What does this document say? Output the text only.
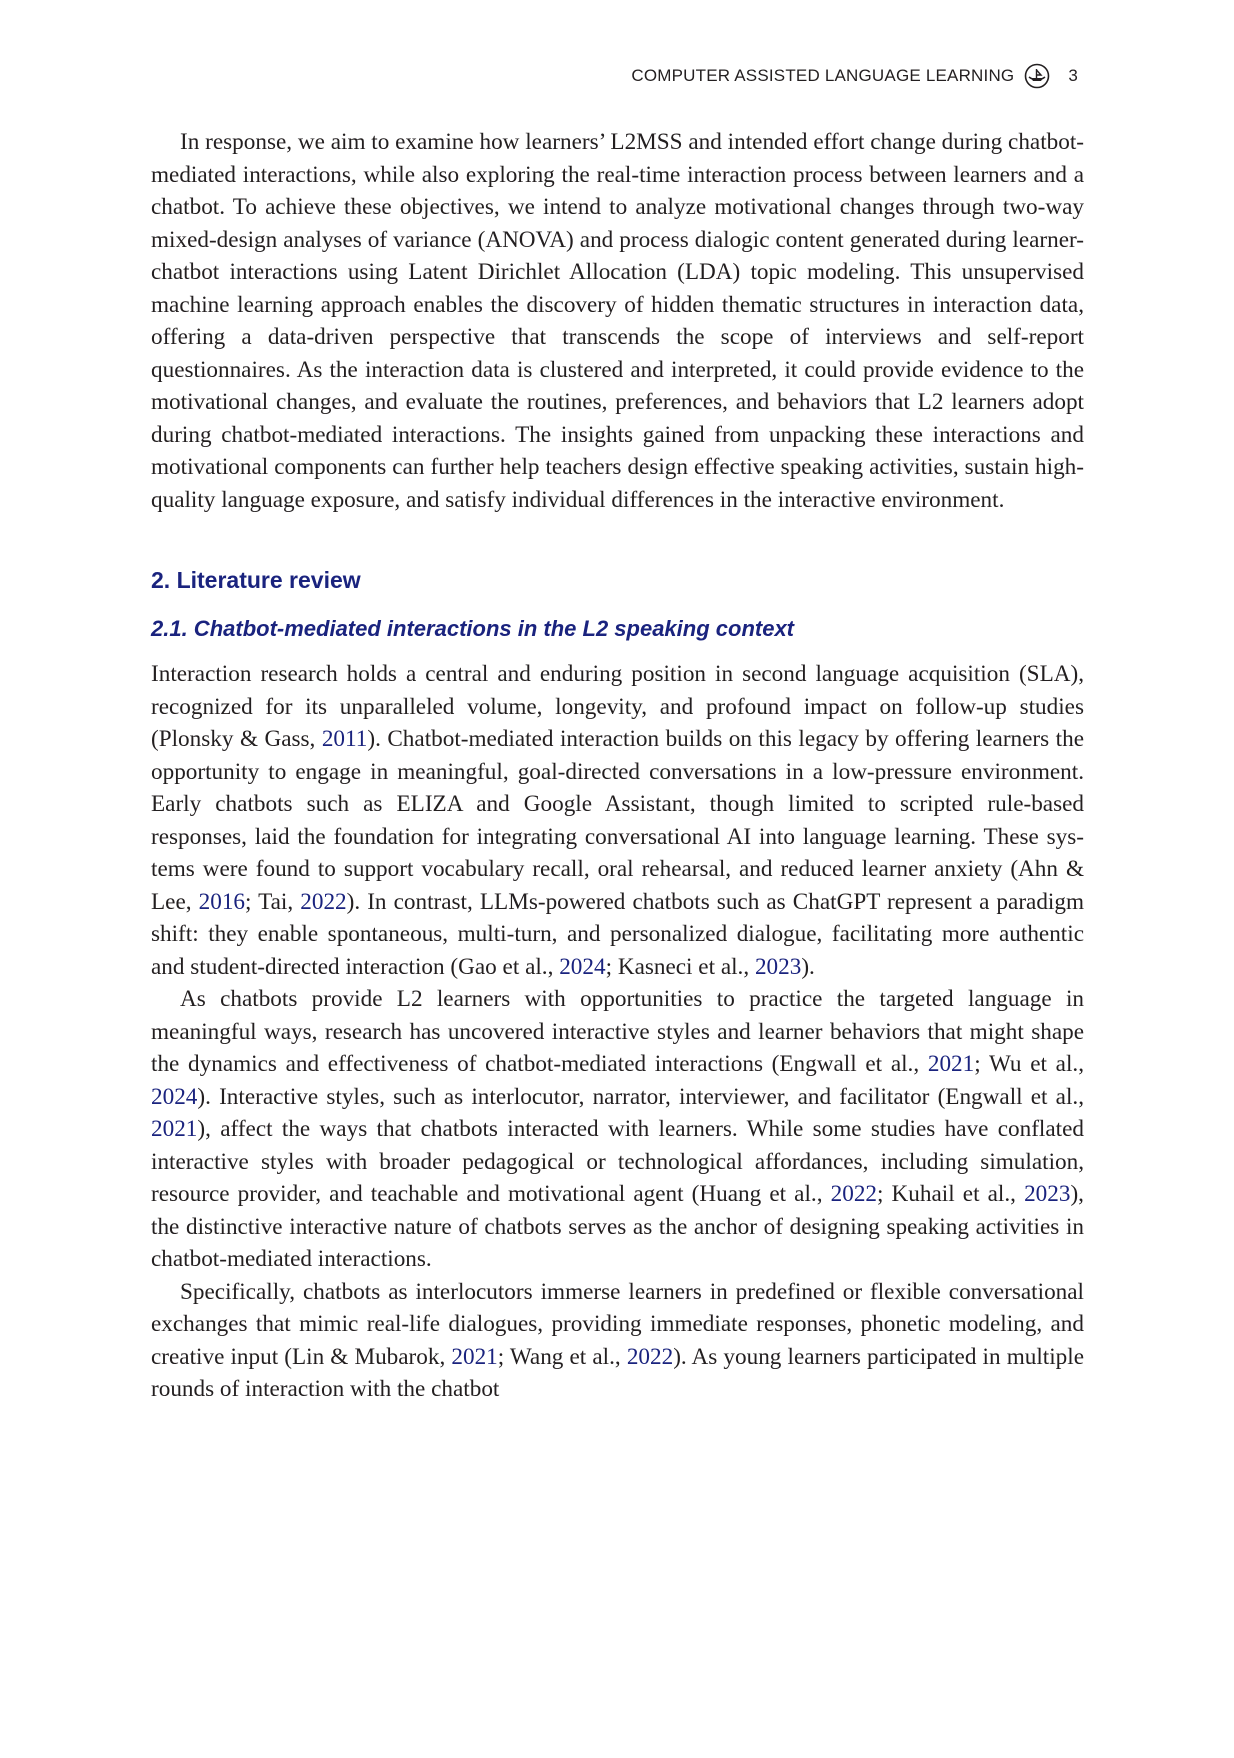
COMPUTER ASSISTED LANGUAGE LEARNING	3

In response, we aim to examine how learners’ L2MSS and intended effort change during chatbot-mediated interactions, while also exploring the real-time interaction process between learners and a chatbot. To achieve these objectives, we intend to analyze motivational changes through two-way mixed-design analyses of variance (ANOVA) and process dialogic content generated during learner-chatbot interactions using Latent Dirichlet Allocation (LDA) topic modeling. This unsupervised machine learning approach enables the discovery of hidden thematic structures in interaction data, offering a data-driven perspective that transcends the scope of interviews and self-report questionnaires. As the interaction data is clustered and interpreted, it could provide evidence to the motivational changes, and evaluate the routines, preferences, and behaviors that L2 learners adopt during chatbot-mediated interactions. The insights gained from unpacking these interactions and motivational components can further help teachers design effective speaking activities, sustain high-quality language exposure, and satisfy individual differences in the interactive environment.

2. Literature review
2.1. Chatbot-mediated interactions in the L2 speaking context

Interaction research holds a central and enduring position in second language acquisition (SLA), recognized for its unparalleled volume, longevity, and profound impact on follow-up studies (Plonsky & Gass, 2011). Chatbot-mediated interaction builds on this legacy by offering learners the opportunity to engage in meaningful, goal-directed conversations in a low-pressure environment. Early chatbots such as ELIZA and Google Assistant, though limited to scripted rule-based responses, laid the foundation for integrating conversational AI into language learning. These systems were found to support vocabulary recall, oral rehearsal, and reduced learner anxiety (Ahn & Lee, 2016; Tai, 2022). In contrast, LLMs-powered chatbots such as ChatGPT represent a paradigm shift: they enable spontaneous, multi-turn, and personalized dialogue, facilitating more authentic and student-directed interaction (Gao et al., 2024; Kasneci et al., 2023).

As chatbots provide L2 learners with opportunities to practice the targeted language in meaningful ways, research has uncovered interactive styles and learner behaviors that might shape the dynamics and effectiveness of chatbot-mediated interactions (Engwall et al., 2021; Wu et al., 2024). Interactive styles, such as interlocutor, narrator, interviewer, and facilitator (Engwall et al., 2021), affect the ways that chatbots interacted with learners. While some studies have conflated interactive styles with broader pedagogical or technological affordances, including simulation, resource provider, and teachable and motivational agent (Huang et al., 2022; Kuhail et al., 2023), the distinctive interactive nature of chatbots serves as the anchor of designing speaking activities in chatbot-mediated interactions.

Specifically, chatbots as interlocutors immerse learners in predefined or flexible conversational exchanges that mimic real-life dialogues, providing immediate responses, phonetic modeling, and creative input (Lin & Mubarok, 2021; Wang et al., 2022). As young learners participated in multiple rounds of interaction with the chatbot
